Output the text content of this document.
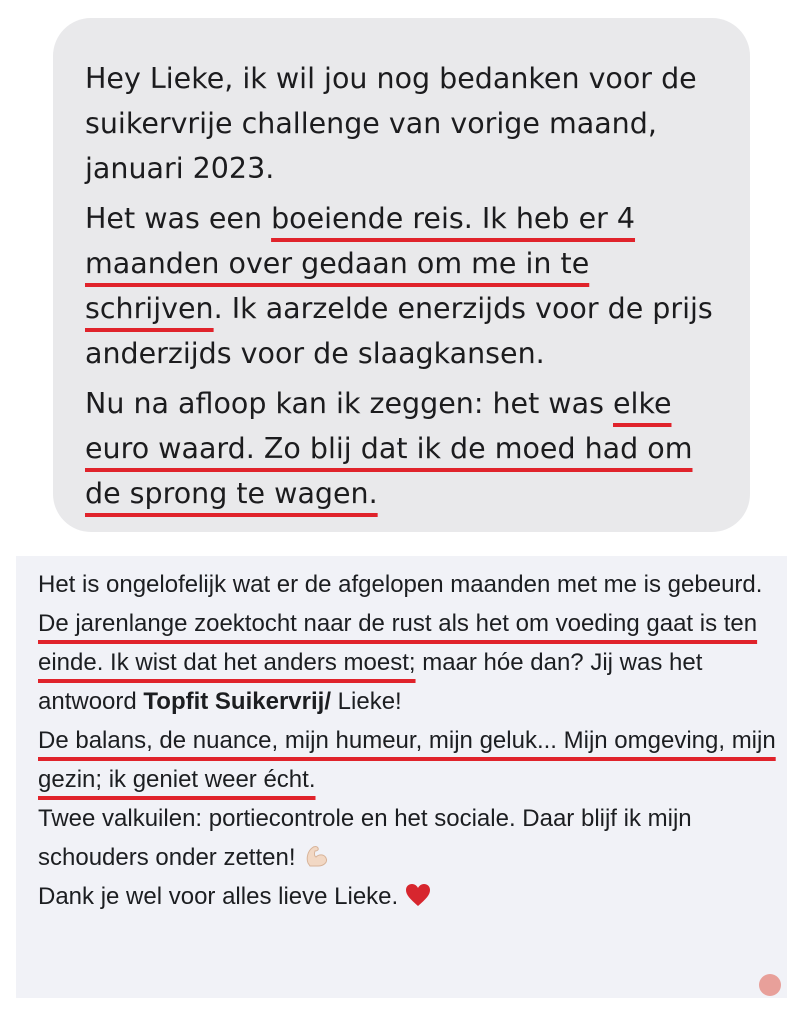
Hey Lieke, ik wil jou nog bedanken voor de suikervrije challenge van vorige maand, januari 2023.

Het was een boeiende reis. Ik heb er 4 maanden over gedaan om me in te schrijven. Ik aarzelde enerzijds voor de prijs anderzijds voor de slaagkansen.

Nu na afloop kan ik zeggen: het was elke euro waard. Zo blij dat ik de moed had om de sprong te wagen.

Het is ongelofelijk wat er de afgelopen maanden met me is gebeurd.
De jarenlange zoektocht naar de rust als het om voeding gaat is ten einde. Ik wist dat het anders moest; maar hóe dan? Jij was het antwoord Topfit Suikervrij/ Lieke!
De balans, de nuance, mijn humeur, mijn geluk... Mijn omgeving, mijn gezin; ik geniet weer écht.
Twee valkuilen: portiecontrole en het sociale. Daar blijf ik mijn schouders onder zetten!

Dank je wel voor alles lieve Lieke.
